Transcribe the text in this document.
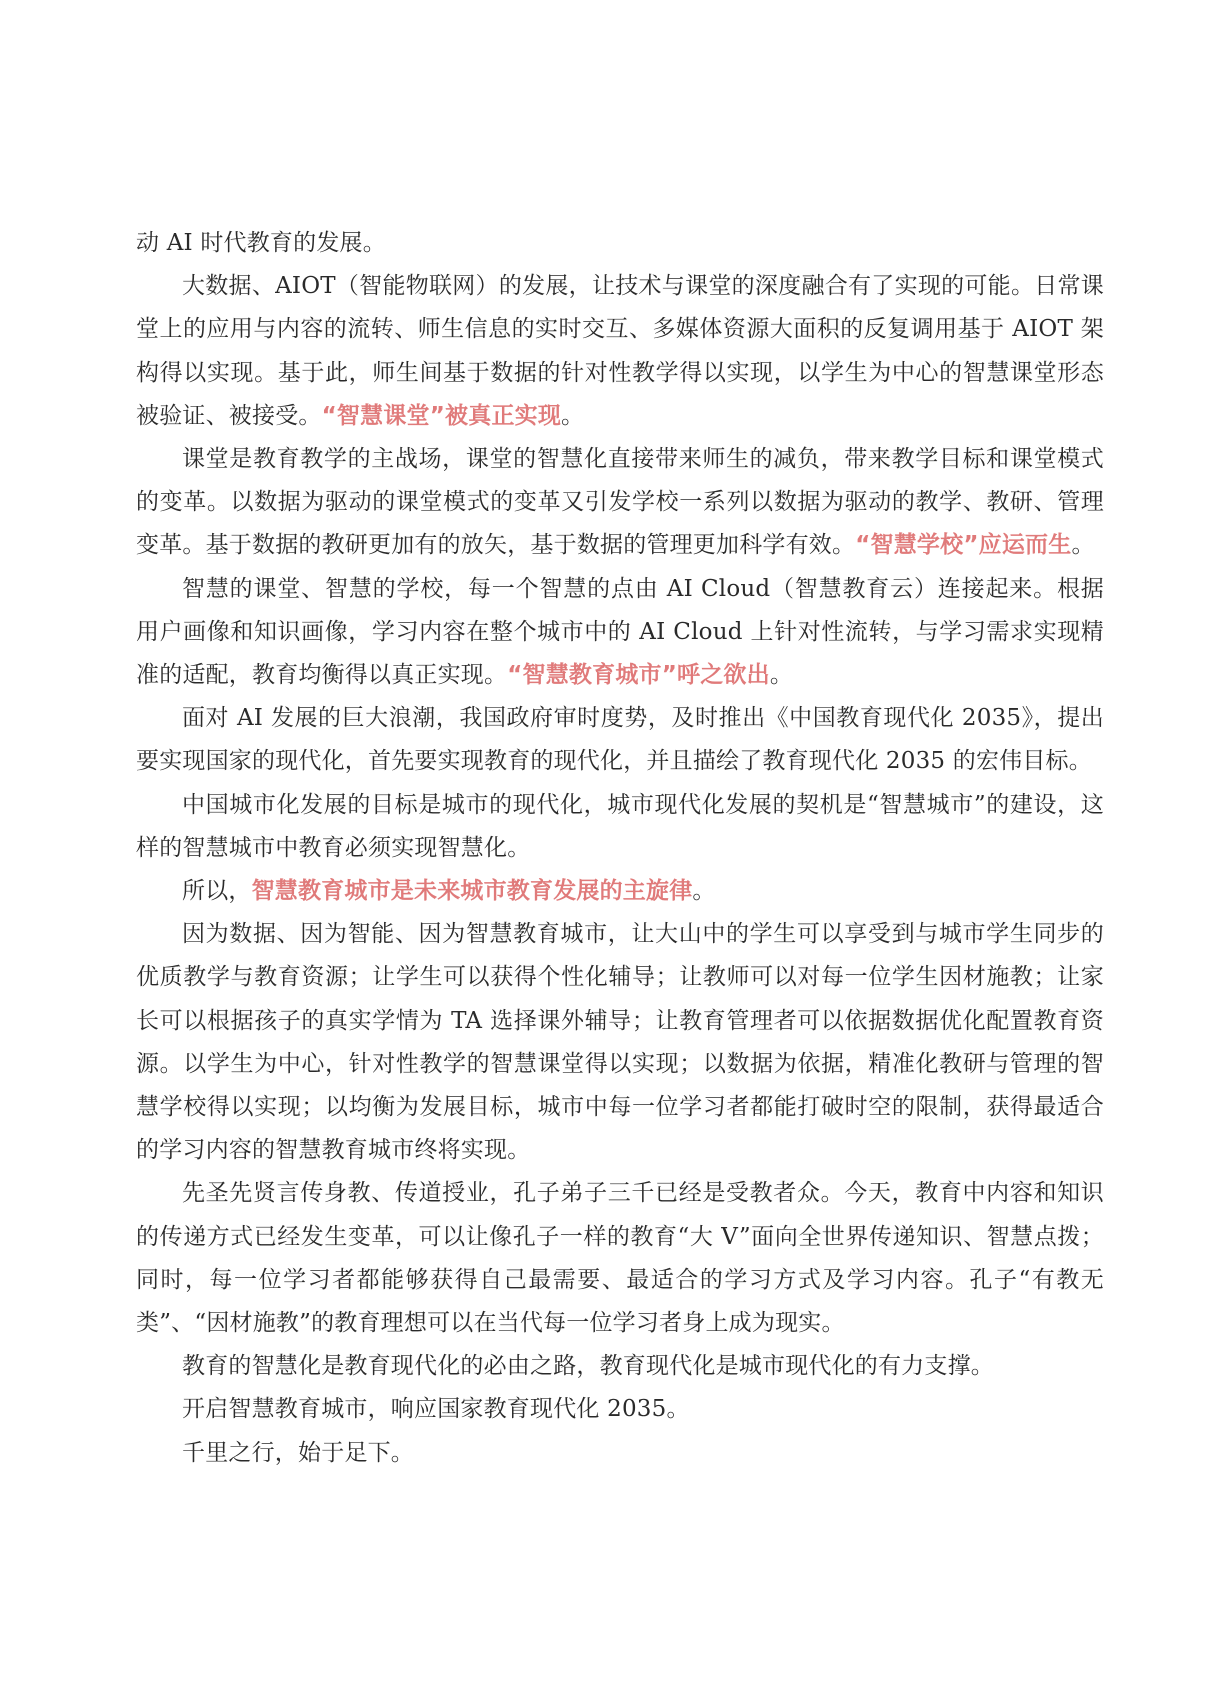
动 AI 时代教育的发展。

大数据、AIOT（智能物联网）的发展，让技术与课堂的深度融合有了实现的可能。日常课堂上的应用与内容的流转、师生信息的实时交互、多媒体资源大面积的反复调用基于 AIOT 架构得以实现。基于此，师生间基于数据的针对性教学得以实现，以学生为中心的智慧课堂形态被验证、被接受。“智慧课堂”被真正实现。

课堂是教育教学的主战场，课堂的智慧化直接带来师生的减负，带来教学目标和课堂模式的变革。以数据为驱动的课堂模式的变革又引发学校一系列以数据为驱动的教学、教研、管理变革。基于数据的教研更加有的放矢，基于数据的管理更加科学有效。“智慧学校”应运而生。

智慧的课堂、智慧的学校，每一个智慧的点由 AI Cloud（智慧教育云）连接起来。根据用户画像和知识画像，学习内容在整个城市中的 AI Cloud 上针对性流转，与学习需求实现精准的适配，教育均衡得以真正实现。“智慧教育城市”呼之欲出。

面对 AI 发展的巨大浪潮，我国政府审时度势，及时推出《中国教育现代化 2035》，提出要实现国家的现代化，首先要实现教育的现代化，并且描绘了教育现代化 2035 的宏伟目标。

中国城市化发展的目标是城市的现代化，城市现代化发展的契机是“智慧城市”的建设，这样的智慧城市中教育必须实现智慧化。

所以，智慧教育城市是未来城市教育发展的主旋律。

因为数据、因为智能、因为智慧教育城市，让大山中的学生可以享受到与城市学生同步的优质教学与教育资源；让学生可以获得个性化辅导；让教师可以对每一位学生因材施教；让家长可以根据孩子的真实学情为 TA 选择课外辅导；让教育管理者可以依据数据优化配置教育资源。以学生为中心，针对性教学的智慧课堂得以实现；以数据为依据，精准化教研与管理的智慧学校得以实现；以均衡为发展目标，城市中每一位学习者都能打破时空的限制，获得最适合的学习内容的智慧教育城市终将实现。

先圣先贤言传身教、传道授业，孔子弟子三千已经是受教者众。今天，教育中内容和知识的传递方式已经发生变革，可以让像孔子一样的教育“大 V”面向全世界传递知识、智慧点拨；同时，每一位学习者都能够获得自己最需要、最适合的学习方式及学习内容。孔子“有教无类”、“因材施教”的教育理想可以在当代每一位学习者身上成为现实。

教育的智慧化是教育现代化的必由之路，教育现代化是城市现代化的有力支撑。

开启智慧教育城市，响应国家教育现代化 2035。

千里之行，始于足下。
